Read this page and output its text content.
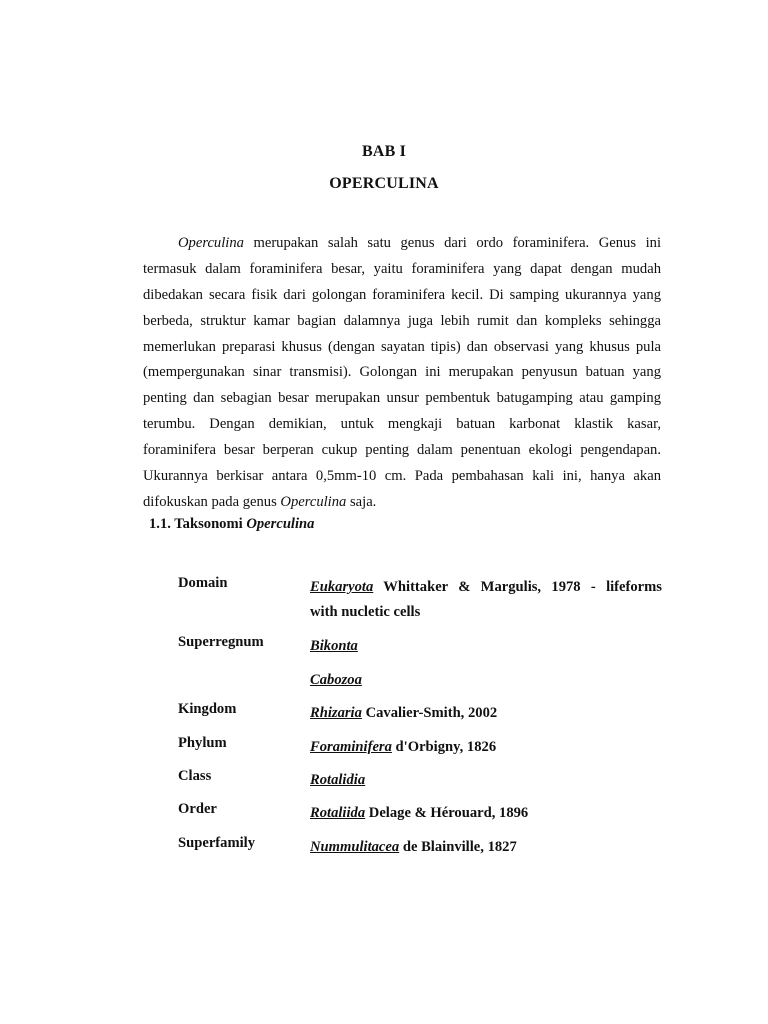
BAB I
OPERCULINA
Operculina merupakan salah satu genus dari ordo foraminifera. Genus ini
termasuk dalam foraminifera besar, yaitu foraminifera yang dapat dengan mudah
dibedakan secara fisik dari golongan foraminifera kecil. Di samping ukurannya yang
berbeda, struktur kamar bagian dalamnya juga lebih rumit dan kompleks sehingga
memerlukan preparasi khusus (dengan sayatan tipis) dan observasi yang khusus pula
(mempergunakan sinar transmisi). Golongan ini merupakan penyusun batuan yang
penting dan sebagian besar merupakan unsur pembentuk batugamping atau gamping
terumbu. Dengan demikian, untuk mengkaji batuan karbonat klastik kasar,
foraminifera besar berperan cukup penting dalam penentuan ekologi pengendapan.
Ukurannya berkisar antara 0,5mm-10 cm. Pada pembahasan kali ini, hanya akan
difokuskan pada genus Operculina saja.
1.1. Taksonomi Operculina
Domain	Eukaryota Whittaker & Margulis, 1978 - lifeforms
with nucletic cells
Superregnum	Bikonta
Cabozoa
Kingdom	Rhizaria Cavalier-Smith, 2002
Phylum	Foraminifera d'Orbigny, 1826
Class	Rotalidia
Order	Rotaliida Delage & Hérouard, 1896
Superfamily	Nummulitacea de Blainville, 1827
